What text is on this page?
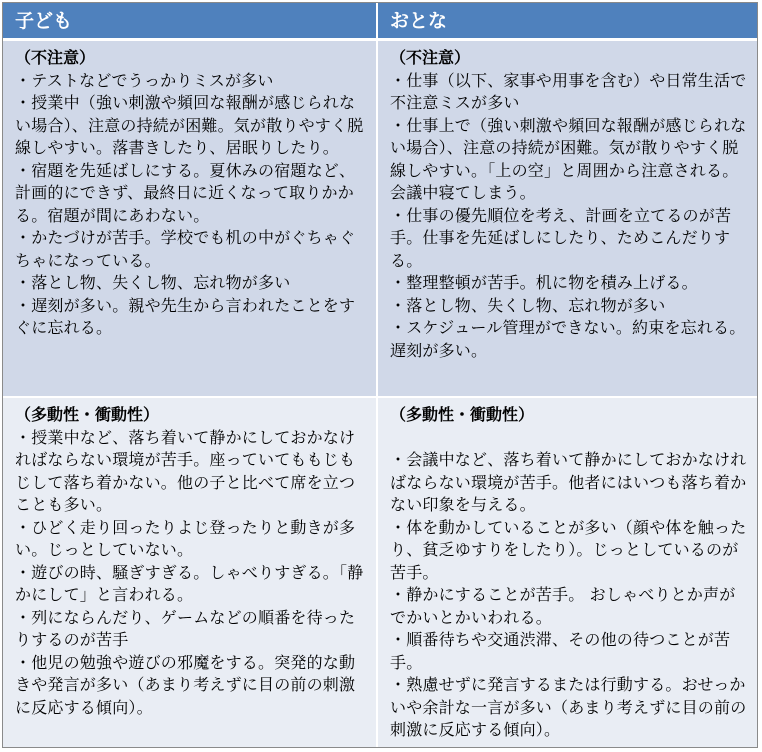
子ども	おとな

（不注意）

・テストなどでうっかりミスが多い

・授業中（強い刺激や頻回な報酬が感じられない場合）、注意の持続が困難。気が散りやすく脱線しやすい。落書きしたり、居眠りしたり。

・宿題を先延ばしにする。夏休みの宿題など、計画的にできず、最終日に近くなって取りかかる。宿題が間にあわない。

・かたづけが苦手。学校でも机の中がぐちゃぐちゃになっている。

・落とし物、失くし物、忘れ物が多い

・遅刻が多い。親や先生から言われたことをすぐに忘れる。

（不注意）

・仕事（以下、家事や用事を含む）や日常生活で不注意ミスが多い

・仕事上で（強い刺激や頻回な報酬が感じられない場合）、注意の持続が困難。気が散りやすく脱線しやすい。「上の空」と周囲から注意される。会議中寝てしまう。

・仕事の優先順位を考え、計画を立てるのが苦手。仕事を先延ばしにしたり、ためこんだりする。

・整理整頓が苦手。机に物を積み上げる。

・落とし物、失くし物、忘れ物が多い

・スケジュール管理ができない。約束を忘れる。遅刻が多い。

（多動性・衝動性）

・授業中など、落ち着いて静かにしておかなければならない環境が苦手。座っていてももじもじして落ち着かない。他の子と比べて席を立つことも多い。

・ひどく走り回ったりよじ登ったりと動きが多い。じっとしていない。

・遊びの時、騒ぎすぎる。しゃべりすぎる。「静かにして」と言われる。

・列にならんだり、ゲームなどの順番を待ったりするのが苦手

・他児の勉強や遊びの邪魔をする。突発的な動きや発言が多い（あまり考えずに目の前の刺激に反応する傾向）。

（多動性・衝動性）

・会議中など、落ち着いて静かにしておかなければならない環境が苦手。他者にはいつも落ち着かない印象を与える。

・体を動かしていることが多い（顔や体を触ったり、貧乏ゆすりをしたり）。じっとしているのが苦手。

・静かにすることが苦手。 おしゃべりとか声がでかいとかいわれる。

・順番待ちや交通渋滞、その他の待つことが苦手。

・熟慮せずに発言するまたは行動する。おせっかいや余計な一言が多い（あまり考えずに目の前の刺激に反応する傾向）。
